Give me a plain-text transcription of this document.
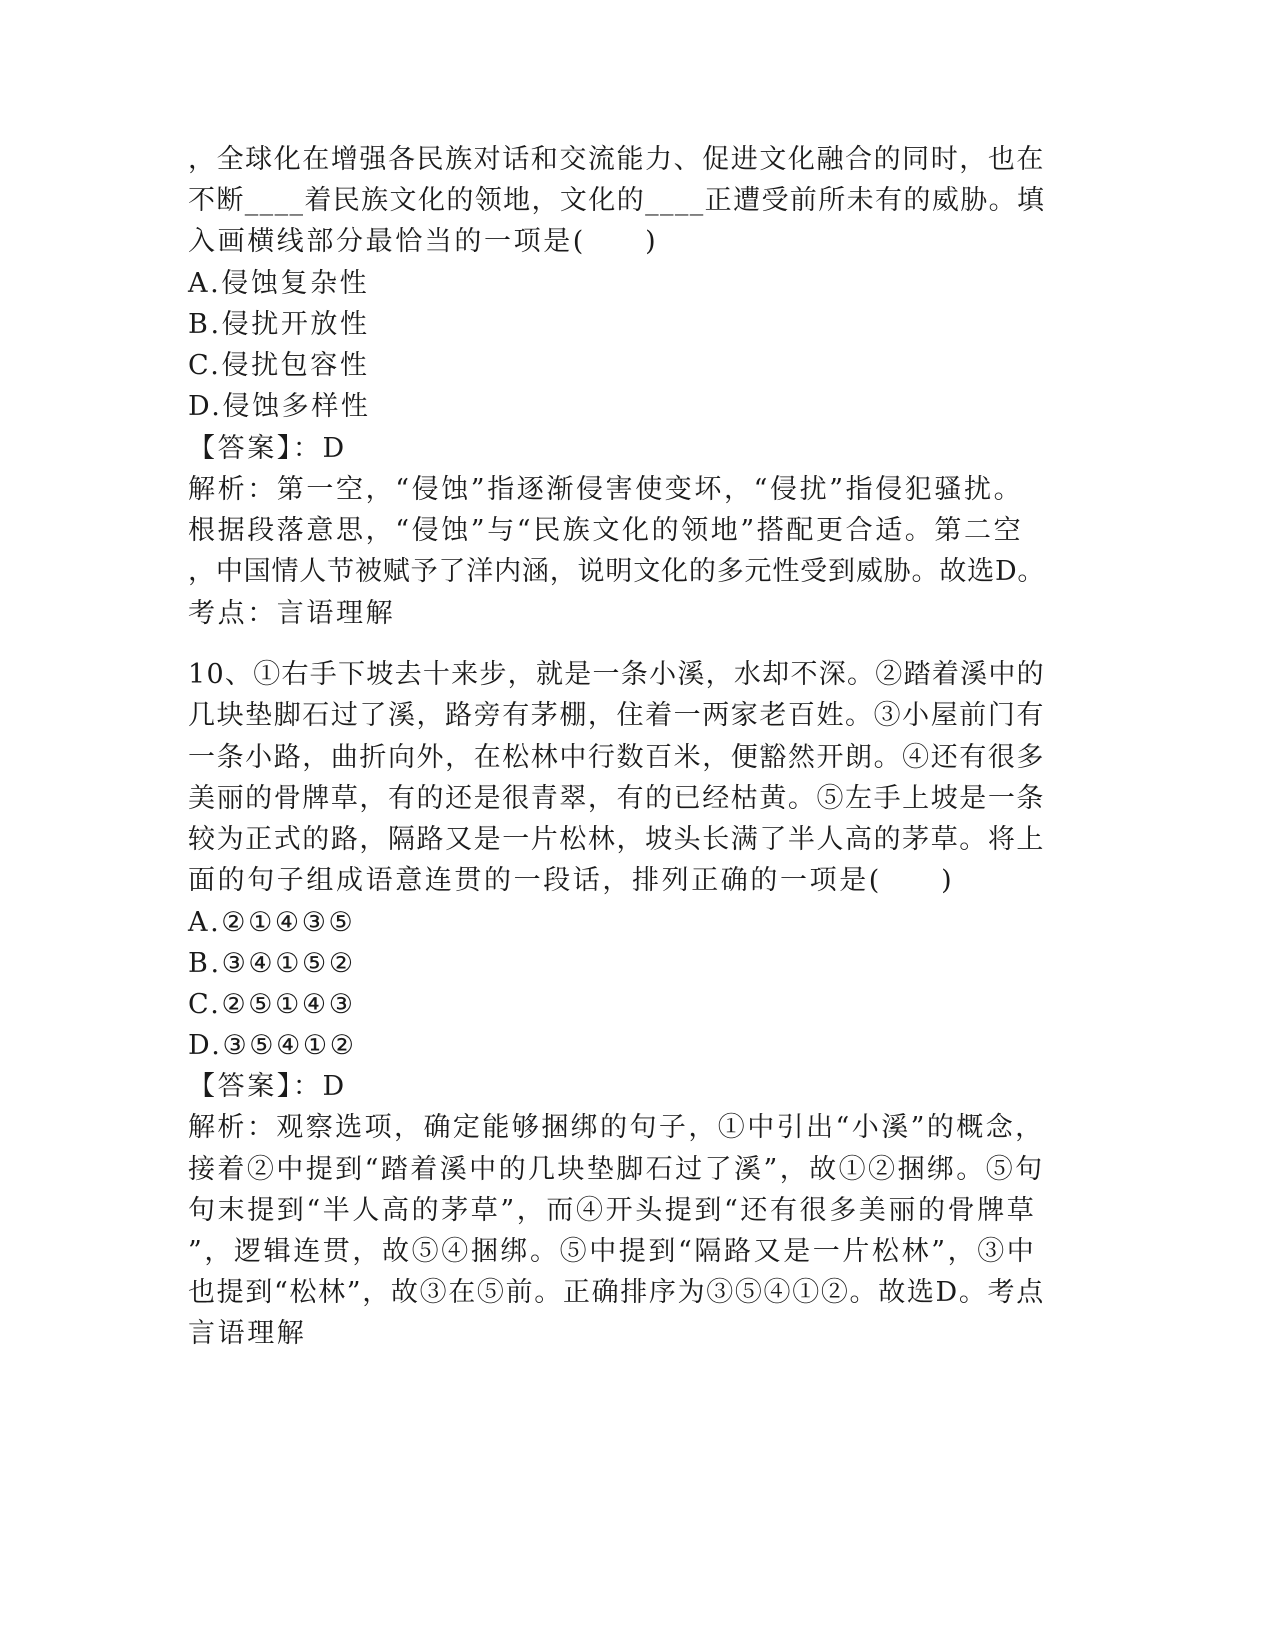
，全球化在增强各民族对话和交流能力、促进文化融合的同时，也在
不断____着民族文化的领地，文化的____正遭受前所未有的威胁。填
入画横线部分最恰当的一项是(　　)
A.侵蚀复杂性
B.侵扰开放性
C.侵扰包容性
D.侵蚀多样性
【答案】：D
解析：第一空，“侵蚀”指逐渐侵害使变坏，“侵扰”指侵犯骚扰。
根据段落意思，“侵蚀”与“民族文化的领地”搭配更合适。第二空
，中国情人节被赋予了洋内涵，说明文化的多元性受到威胁。故选D。
考点：言语理解
10、①右手下坡去十来步，就是一条小溪，水却不深。②踏着溪中的
几块垫脚石过了溪，路旁有茅棚，住着一两家老百姓。③小屋前门有
一条小路，曲折向外，在松林中行数百米，便豁然开朗。④还有很多
美丽的骨牌草，有的还是很青翠，有的已经枯黄。⑤左手上坡是一条
较为正式的路，隔路又是一片松林，坡头长满了半人高的茅草。将上
面的句子组成语意连贯的一段话，排列正确的一项是(　　)
A.②①④③⑤
B.③④①⑤②
C.②⑤①④③
D.③⑤④①②
【答案】：D
解析：观察选项，确定能够捆绑的句子，①中引出“小溪”的概念，
接着②中提到“踏着溪中的几块垫脚石过了溪”，故①②捆绑。⑤句
句末提到“半人高的茅草”，而④开头提到“还有很多美丽的骨牌草
”，逻辑连贯，故⑤④捆绑。⑤中提到“隔路又是一片松林”，③中
也提到“松林”，故③在⑤前。正确排序为③⑤④①②。故选D。考点
言语理解
